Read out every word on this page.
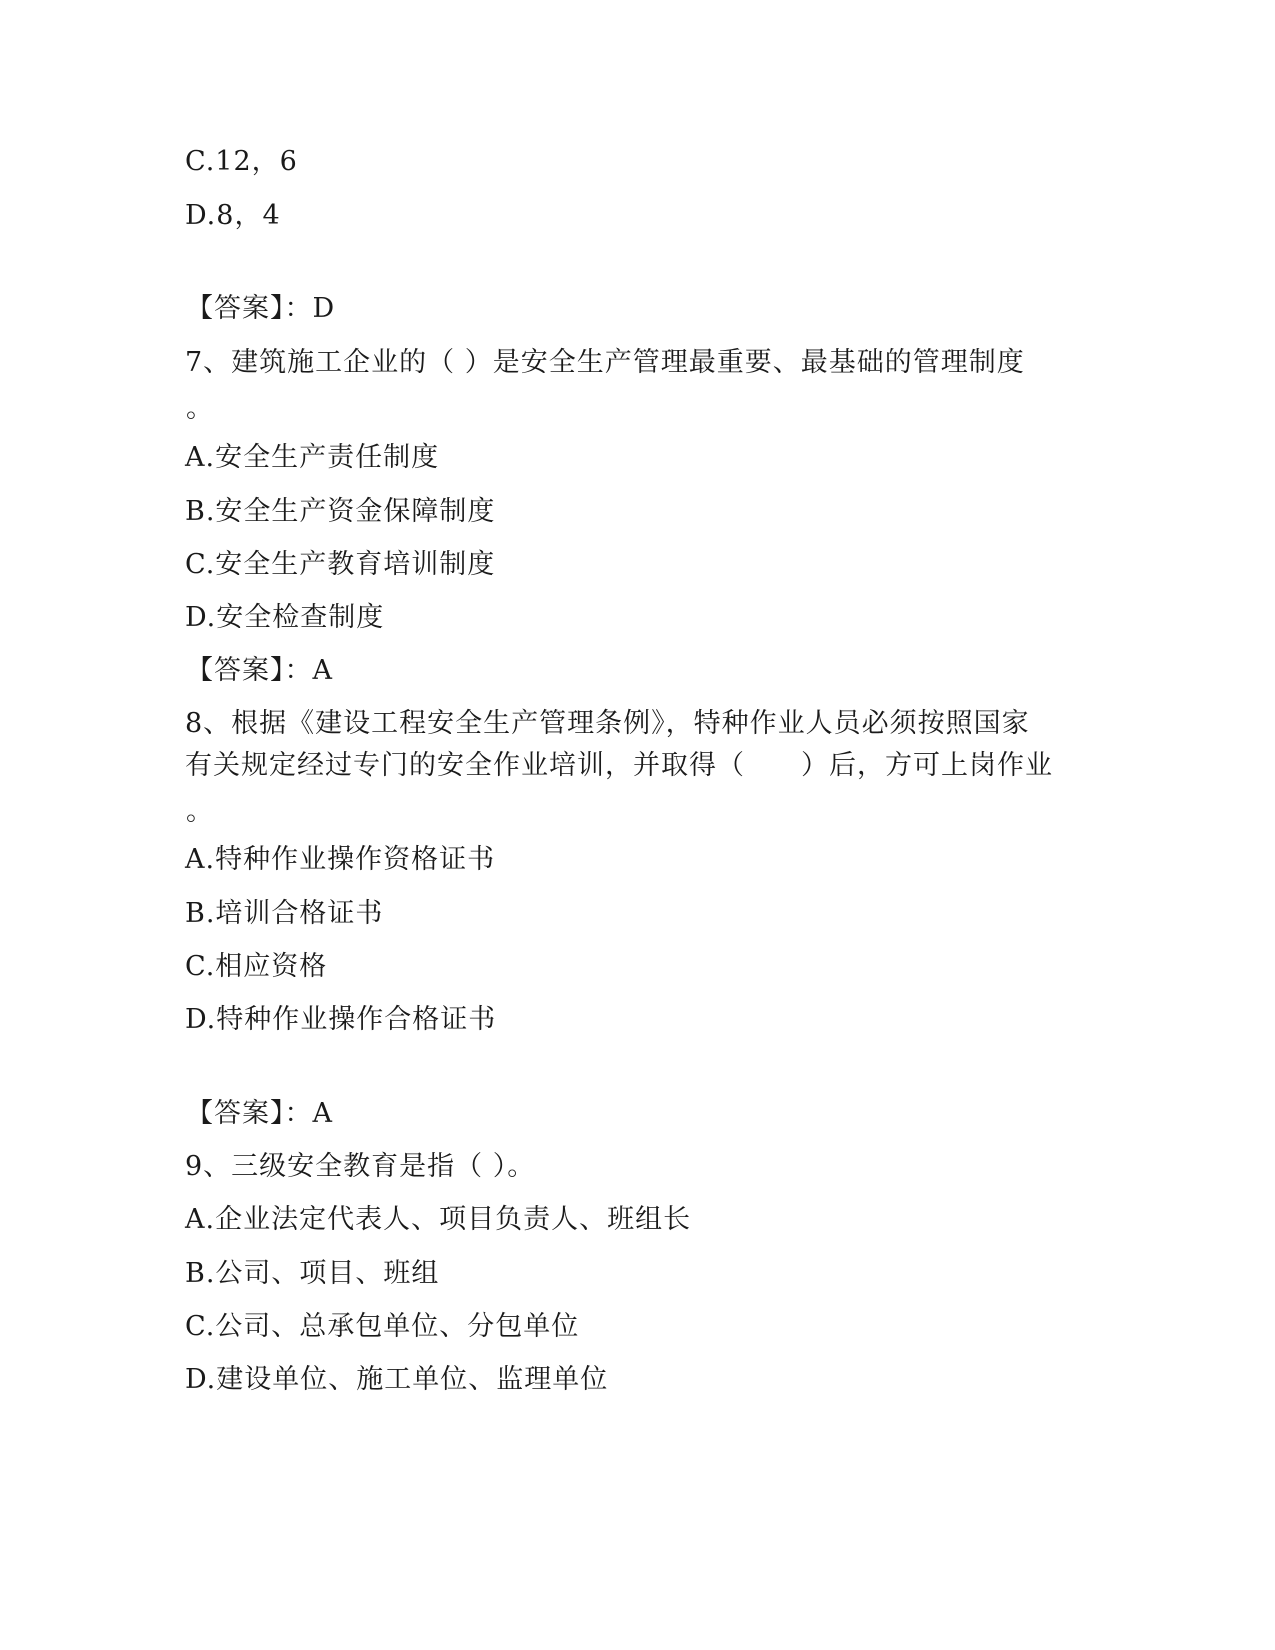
C.12，6
D.8，4
【答案】：D
7、建筑施工企业的（ ）是安全生产管理最重要、最基础的管理制度
。
A.安全生产责任制度
B.安全生产资金保障制度
C.安全生产教育培训制度
D.安全检查制度
【答案】：A
8、根据《建设工程安全生产管理条例》，特种作业人员必须按照国家
有关规定经过专门的安全作业培训，并取得（　　）后，方可上岗作业
。
A.特种作业操作资格证书
B.培训合格证书
C.相应资格
D.特种作业操作合格证书
【答案】：A
9、三级安全教育是指（ ）。
A.企业法定代表人、项目负责人、班组长
B.公司、项目、班组
C.公司、总承包单位、分包单位
D.建设单位、施工单位、监理单位
